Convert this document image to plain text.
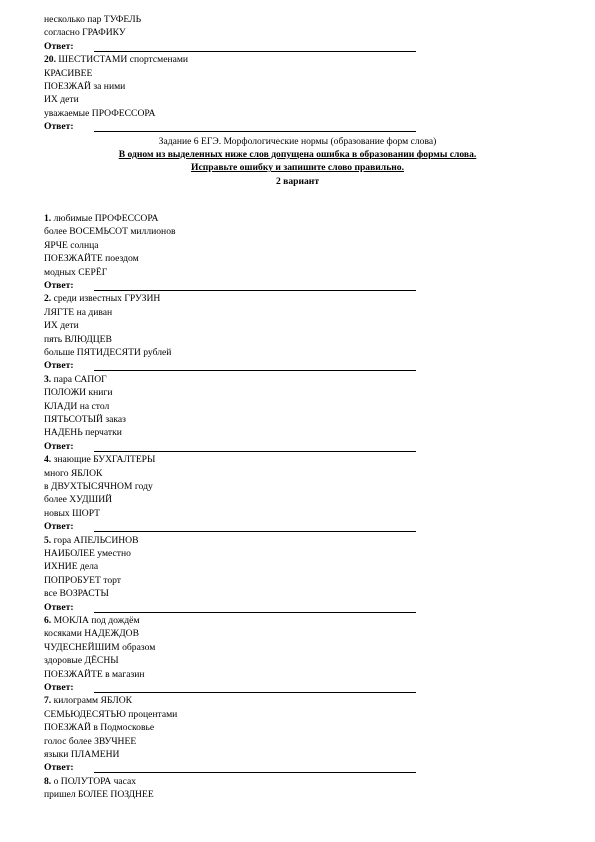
несколько пар ТУФЕЛЬ
согласно ГРАФИКУ
Ответ:
20. ШЕСТИСТАМИ спортсменами
КРАСИВЕЕ
ПОЕЗЖАЙ за ними
ИХ дети
уважаемые ПРОФЕССОРА
Ответ:
Задание 6 ЕГЭ. Морфологические нормы (образование форм слова)
В одном из выделенных ниже слов допущена ошибка в образовании формы слова.
Исправьте ошибку и запишите слово правильно.
2 вариант
1. любимые ПРОФЕССОРА
более ВОСЕМЬСОТ миллионов
ЯРЧЕ солнца
ПОЕЗЖАЙТЕ поездом
модных СЕРЁГ
Ответ:
2. среди известных ГРУЗИН
ЛЯГТЕ на диван
ИХ дети
пять ВЛЮДЦЕВ
больше ПЯТИДЕСЯТИ рублей
Ответ:
3. пара САПОГ
ПОЛОЖИ книги
КЛАДИ на стол
ПЯТЬСОТЫЙ заказ
НАДЕНЬ перчатки
Ответ:
4. знающие БУХГАЛТЕРЫ
много ЯБЛОК
в ДВУХТЫСЯЧНОМ году
более ХУДШИЙ
новых ШОРТ
Ответ:
5. гора АПЕЛЬСИНОВ
НАИБОЛЕЕ уместно
ИХНИЕ дела
ПОПРОБУЕТ торт
все ВОЗРАСТЫ
Ответ:
6. МОКЛА под дождём
косяками НАДЕЖДОВ
ЧУДЕСНЕЙШИМ образом
здоровые ДЁСНЫ
ПОЕЗЖАЙТЕ в магазин
Ответ:
7. килограмм ЯБЛОК
СЕМЬЮДЕСЯТЬЮ процентами
ПОЕЗЖАЙ в Подмосковье
голос более ЗВУЧНЕЕ
языки ПЛАМЕНИ
Ответ:
8. о ПОЛУТОРА часах
пришел БОЛЕЕ ПОЗДНЕЕ
